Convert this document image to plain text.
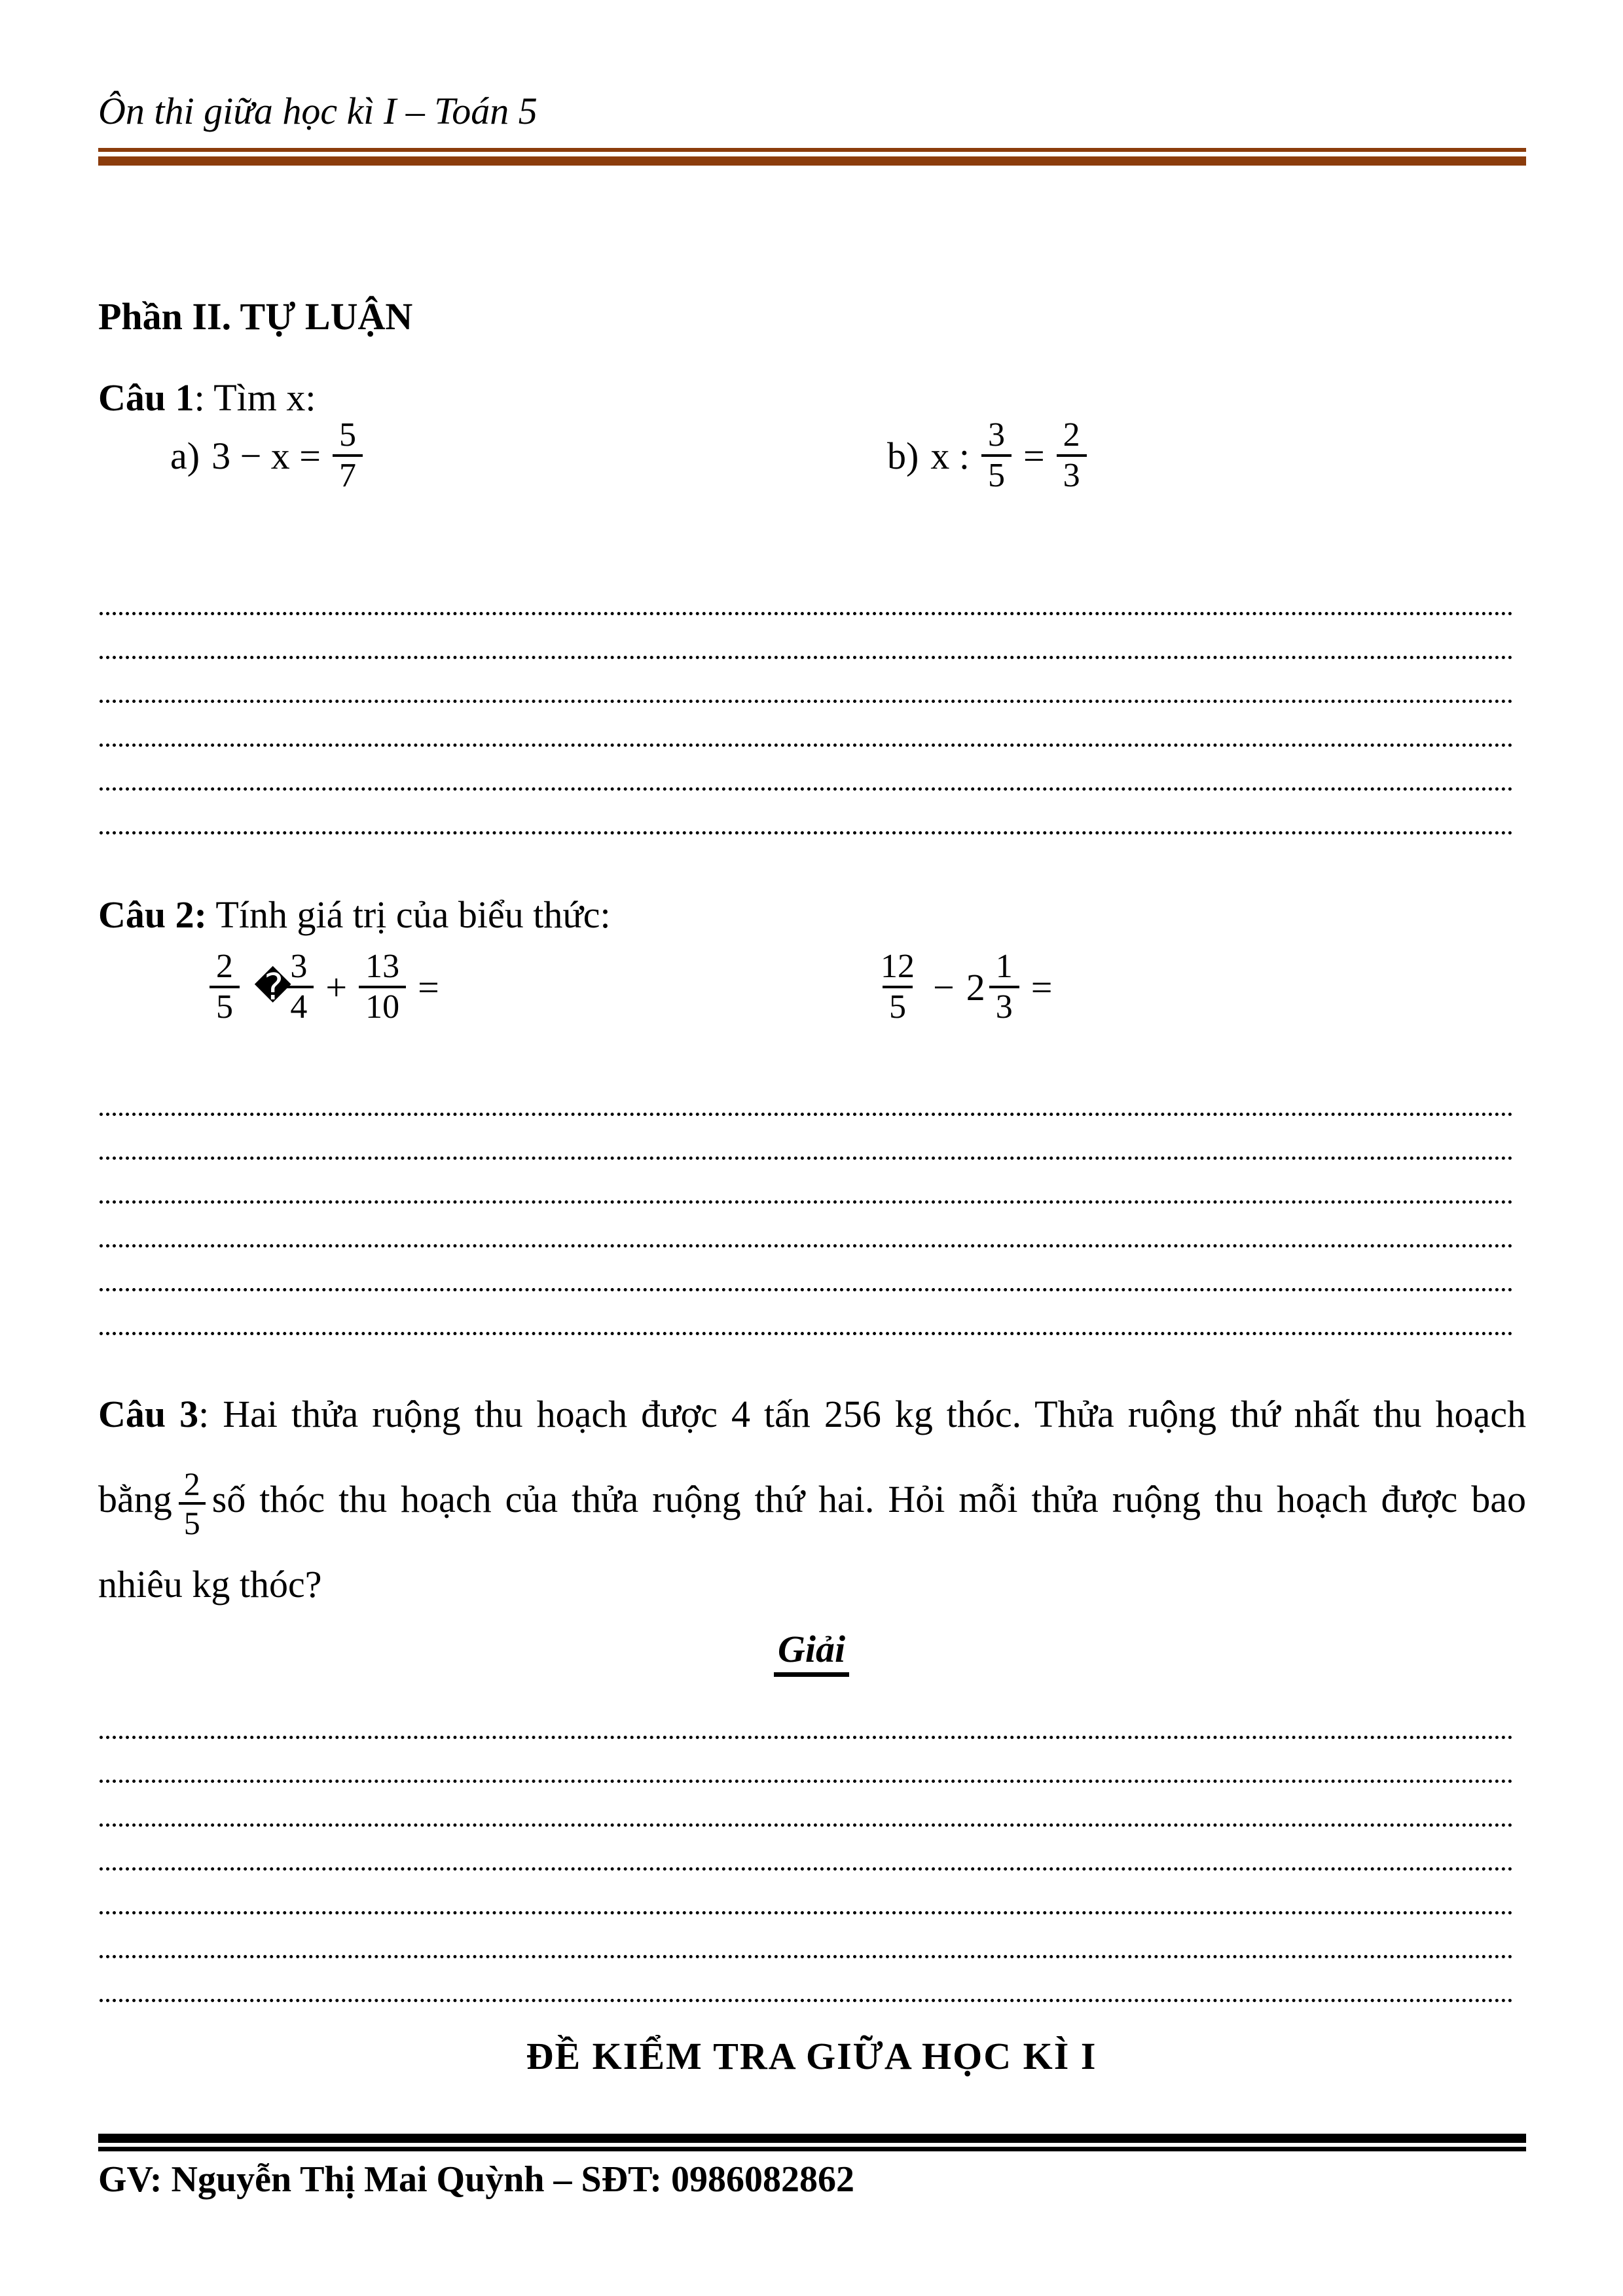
Ôn thi giữa học kì I – Toán 5
Phần II. TỰ LUẬN
Câu 1: Tìm x:
a) $3 - x = \frac{5}{7}$	b) x : $\frac{3}{5} = \frac{2}{3}$
Câu 2: Tính giá trị của biểu thức:
$\frac{2}{5}$ �
$\frac{3}{4} + \frac{13}{10}$ =	$\frac{12}{5} - 2 \frac{1}{3}$ =
Câu 3: Hai thửa ruộng thu hoạch được 4 tấn 256 kg thóc. Thửa ruộng thứ nhất thu hoạch bằng $\frac{2}{5}$ số thóc thu hoạch của thửa ruộng thứ hai. Hỏi mỗi thửa ruộng thu hoạch được bao nhiêu kg thóc?
Giải
ĐỀ KIỂM TRA GIỮA HỌC KÌ I
GV: Nguyễn Thị Mai Quỳnh – SĐT: 0986082862
